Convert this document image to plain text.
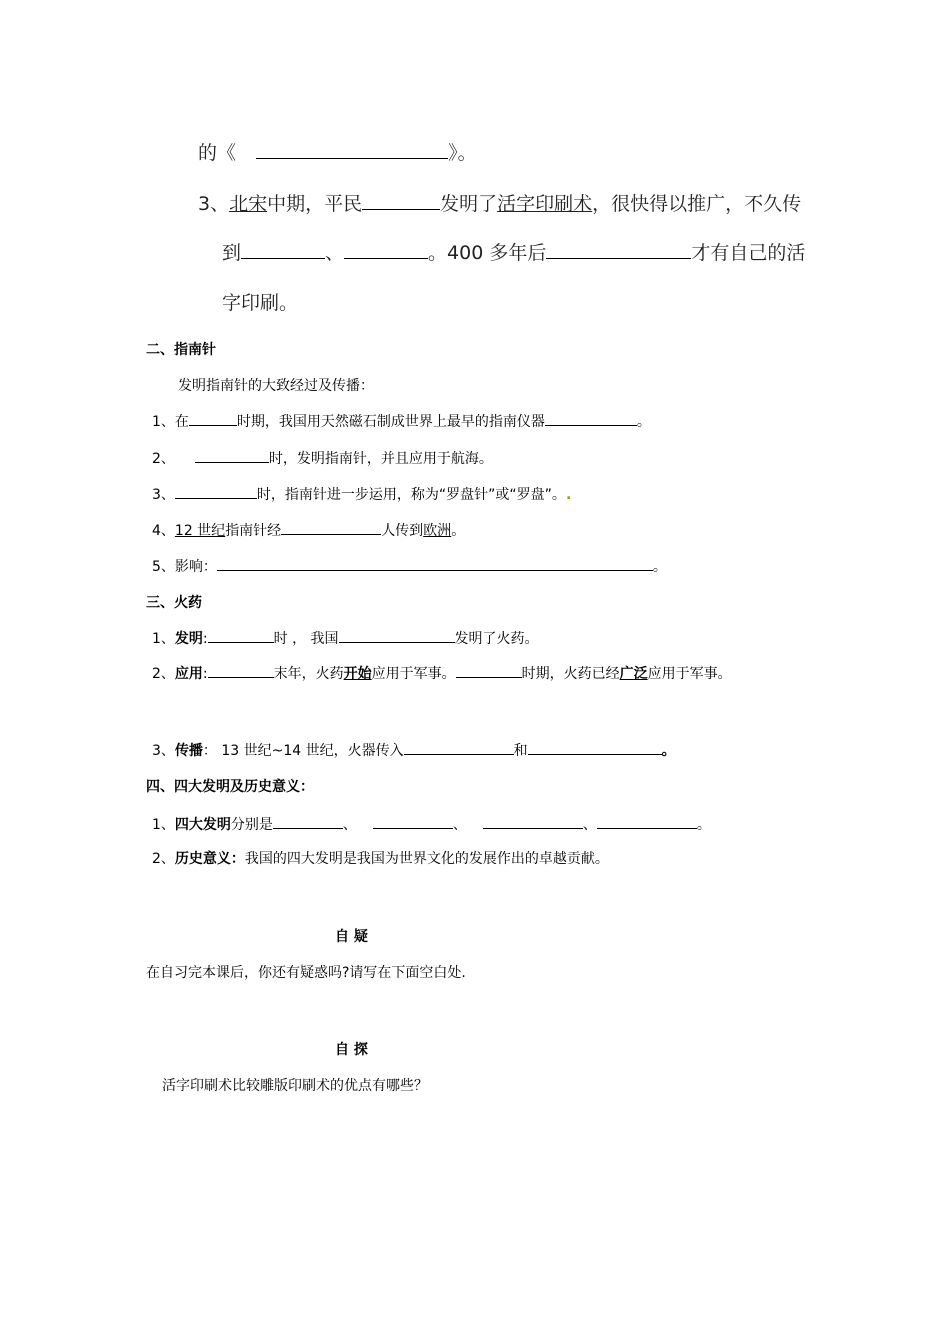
的《	》。
3、北宋中期，平民	发明了活字印刷术，很快得以推广，不久传
到	、	。400 多年后	才有自己的活
字印刷。
二、指南针
发明指南针的大致经过及传播：
1、在	时期，我国用天然磁石制成世界上最早的指南仪器	。
2、	时，发明指南针，并且应用于航海。
3、	时，指南针进一步运用，称为“罗盘针”或“罗盘”。.
4、12 世纪指南针经	人传到欧洲。
5、影响：	。
三、火药
1、发明:	时 ， 我国	发明了火药。
2、应用:	末年，火药开始应用于军事。	时期，火药已经广泛应用于军事。
3、传播： 13 世纪~14 世纪，火器传入	和	。
四、四大发明及历史意义：
1、四大发明分别是	、	、	、	。
2、历史意义：我国的四大发明是我国为世界文化的发展作出的卓越贡献。
自 疑
在自习完本课后，你还有疑惑吗?请写在下面空白处.
自 探
活字印刷术比较雕版印刷术的优点有哪些？
